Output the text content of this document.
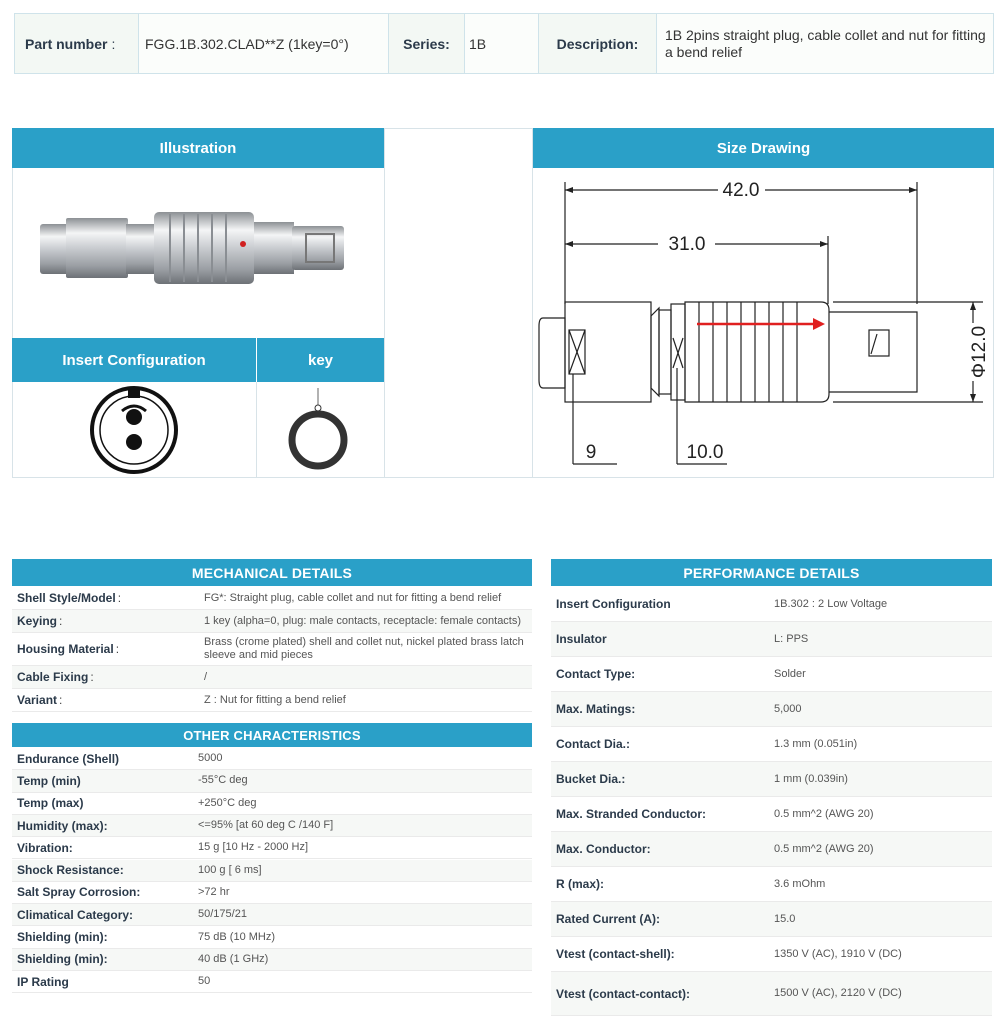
Part number :	FGG.1B.302.CLAD**Z (1key=0°)	Series:	1B	Description:
1B 2pins straight plug, cable collet and nut for fitting a bend relief
Illustration	Size Drawing
Insert Configuration	key
42.0
31.0
Φ12.0
9	10.0
MECHANICAL DETAILS
Shell Style/Model :	FG*: Straight plug, cable collet and nut for fitting a bend relief
Keying :	1 key (alpha=0, plug: male contacts, receptacle: female contacts)
Housing Material :	Brass (crome plated) shell and collet nut, nickel plated brass latch sleeve and mid pieces
Cable Fixing :	/
Variant :	Z : Nut for fitting a bend relief
OTHER CHARACTERISTICS
Endurance (Shell)	5000
Temp (min)	-55°C deg
Temp (max)	+250°C deg
Humidity (max):	<=95% [at 60 deg C /140 F]
Vibration:	15 g [10 Hz - 2000 Hz]
Shock Resistance:	100 g [ 6 ms]
Salt Spray Corrosion:	>72 hr
Climatical Category:	50/175/21
Shielding (min):	75 dB (10 MHz)
Shielding (min):	40 dB (1 GHz)
IP Rating	50
PERFORMANCE DETAILS
Insert Configuration	1B.302 : 2 Low Voltage
Insulator	L: PPS
Contact Type:	Solder
Max. Matings:	5,000
Contact Dia.:	1.3 mm (0.051in)
Bucket Dia.:	1 mm (0.039in)
Max. Stranded Conductor:	0.5 mm^2 (AWG 20)
Max. Conductor:	0.5 mm^2 (AWG 20)
R (max):	3.6 mOhm
Rated Current (A):	15.0
Vtest (contact-shell):	1350 V (AC), 1910 V (DC)
Vtest (contact-contact):	1500 V (AC), 2120 V (DC)
